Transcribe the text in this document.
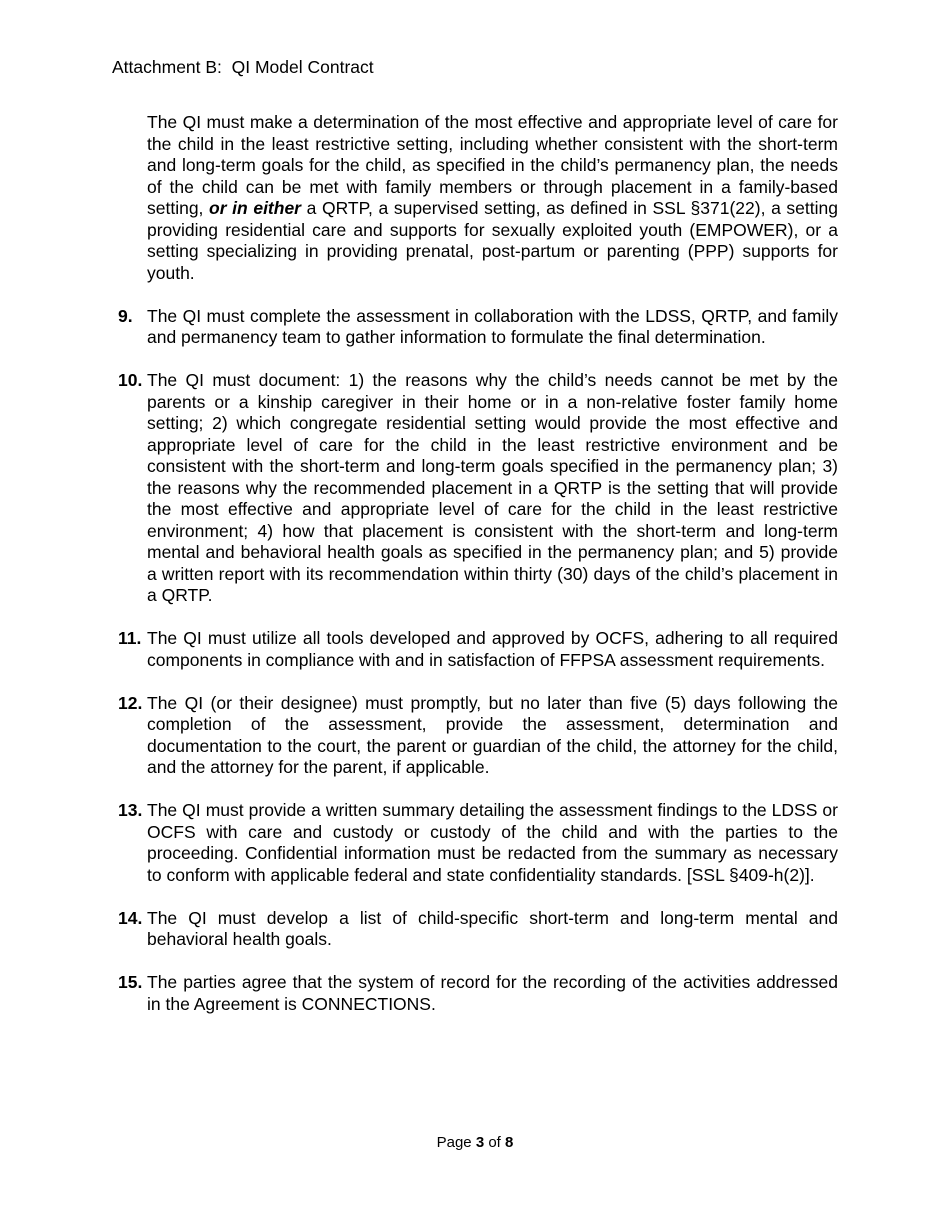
Attachment B:  QI Model Contract
The QI must make a determination of the most effective and appropriate level of care for the child in the least restrictive setting, including whether consistent with the short-term and long-term goals for the child, as specified in the child’s permanency plan, the needs of the child can be met with family members or through placement in a family-based setting, or in either a QRTP, a supervised setting, as defined in SSL §371(22), a setting providing residential care and supports for sexually exploited youth (EMPOWER), or a setting specializing in providing prenatal, post-partum or parenting (PPP) supports for youth.
9. The QI must complete the assessment in collaboration with the LDSS, QRTP, and family and permanency team to gather information to formulate the final determination.
10. The QI must document: 1) the reasons why the child’s needs cannot be met by the parents or a kinship caregiver in their home or in a non-relative foster family home setting; 2) which congregate residential setting would provide the most effective and appropriate level of care for the child in the least restrictive environment and be consistent with the short-term and long-term goals specified in the permanency plan; 3) the reasons why the recommended placement in a QRTP is the setting that will provide the most effective and appropriate level of care for the child in the least restrictive environment; 4) how that placement is consistent with the short-term and long-term mental and behavioral health goals as specified in the permanency plan; and 5) provide a written report with its recommendation within thirty (30) days of the child’s placement in a QRTP.
11. The QI must utilize all tools developed and approved by OCFS, adhering to all required components in compliance with and in satisfaction of FFPSA assessment requirements.
12. The QI (or their designee) must promptly, but no later than five (5) days following the completion of the assessment, provide the assessment, determination and documentation to the court, the parent or guardian of the child, the attorney for the child, and the attorney for the parent, if applicable.
13. The QI must provide a written summary detailing the assessment findings to the LDSS or OCFS with care and custody or custody of the child and with the parties to the proceeding. Confidential information must be redacted from the summary as necessary to conform with applicable federal and state confidentiality standards. [SSL §409-h(2)].
14. The QI must develop a list of child-specific short-term and long-term mental and behavioral health goals.
15. The parties agree that the system of record for the recording of the activities addressed in the Agreement is CONNECTIONS.
Page 3 of 8
